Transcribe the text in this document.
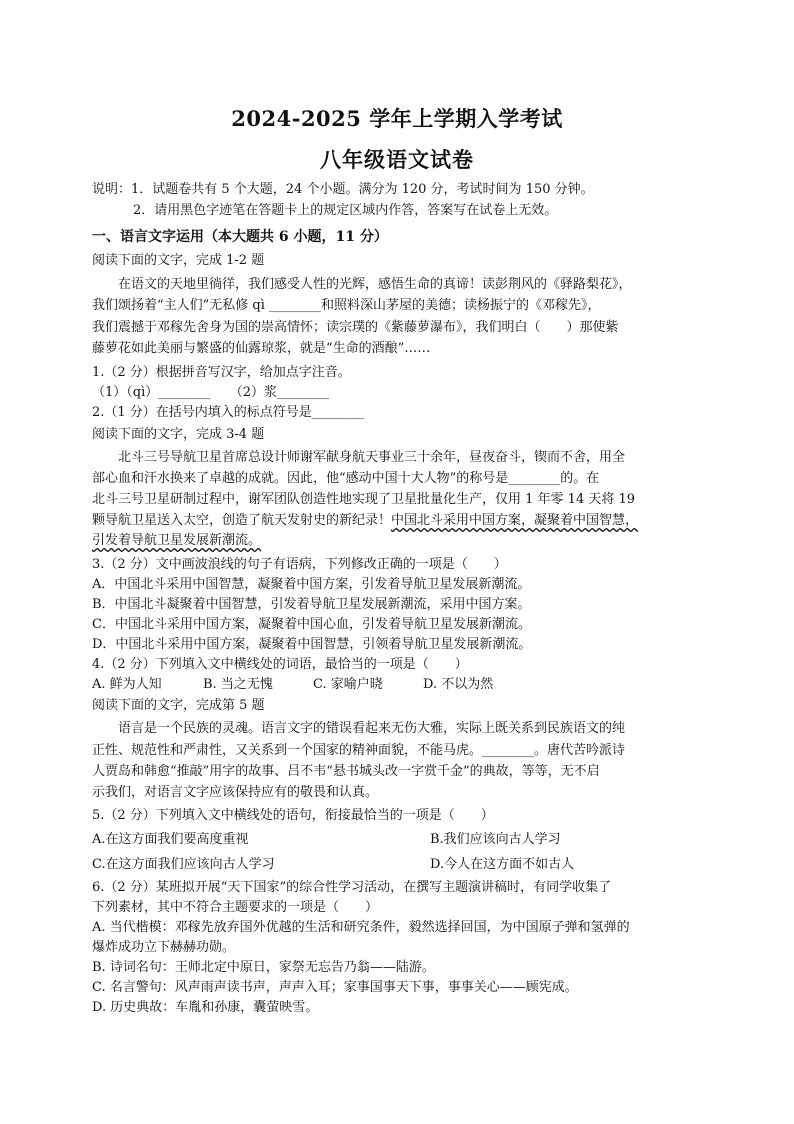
2024-2025 学年上学期入学考试
八年级语文试卷
说明：1．试题卷共有 5 个大题，24 个小题。满分为 120 分，考试时间为 150 分钟。
2．请用黑色字迹笔在答题卡上的规定区域内作答，答案写在试卷上无效。
一、语言文字运用（本大题共 6 小题，11 分）
阅读下面的文字，完成 1-2 题
在语文的天地里徜徉，我们感受人性的光辉，感悟生命的真谛！读彭荆风的《驿路梨花》，
我们颂扬着“主人们”无私修 qì ________和照料深山茅屋的美德；读杨振宁的《邓稼先》，
我们震撼于邓稼先舍身为国的崇高情怀；读宗璞的《紫藤萝瀑布》，我们明白（　　）那使紫
藤萝花如此美丽与繁盛的仙露琼浆，就是“生命的酒酿”……
1.（2 分）根据拼音写汉字，给加点字注音。
（1）（qì）________　　（2）浆________
2.（1 分）在括号内填入的标点符号是________
阅读下面的文字，完成 3-4 题
北斗三号导航卫星首席总设计师谢军献身航天事业三十余年，昼夜奋斗，锲而不舍，用全
部心血和汗水换来了卓越的成就。因此，他“感动中国十大人物”的称号是________的。在
北斗三号卫星研制过程中，谢军团队创造性地实现了卫星批量化生产，仅用 1 年零 14 天将 19
颗导航卫星送入太空，创造了航天发射史的新纪录！中国北斗采用中国方案，凝聚着中国智慧，
引发着导航卫星发展新潮流。
3.（2 分）文中画波浪线的句子有语病，下列修改正确的一项是（　　）
A．中国北斗采用中国智慧，凝聚着中国方案，引发着导航卫星发展新潮流。
B．中国北斗凝聚着中国智慧，引发着导航卫星发展新潮流，采用中国方案。
C．中国北斗采用中国方案，凝聚着中国心血，引发着导航卫星发展新潮流。
D．中国北斗采用中国方案，凝聚着中国智慧，引领着导航卫星发展新潮流。
4.（2 分）下列填入文中横线处的词语，最恰当的一项是（　　）
A. 鲜为人知	B. 当之无愧	C. 家喻户晓	D. 不以为然
阅读下面的文字，完成第 5 题
语言是一个民族的灵魂。语言文字的错误看起来无伤大雅，实际上既关系到民族语文的纯
正性、规范性和严肃性，又关系到一个国家的精神面貌，不能马虎。________。唐代苦吟派诗
人贾岛和韩愈“推敲”用字的故事、吕不韦“悬书城头改一字赏千金”的典故，等等，无不启
示我们，对语言文字应该保持应有的敬畏和认真。
5.（2 分）下列填入文中横线处的语句，衔接最恰当的一项是（　　）
A.在这方面我们要高度重视	B.我们应该向古人学习
C.在这方面我们应该向古人学习	D.今人在这方面不如古人
6.（2 分）某班拟开展“天下国家”的综合性学习活动，在撰写主题演讲稿时，有同学收集了
下列素材，其中不符合主题要求的一项是（　　）
A. 当代楷模：邓稼先放弃国外优越的生活和研究条件，毅然选择回国，为中国原子弹和氢弹的
爆炸成功立下赫赫功勋。
B. 诗词名句：王师北定中原日，家祭无忘告乃翁——陆游。
C. 名言警句：风声雨声读书声，声声入耳；家事国事天下事，事事关心——顾宪成。
D. 历史典故：车胤和孙康，囊萤映雪。
